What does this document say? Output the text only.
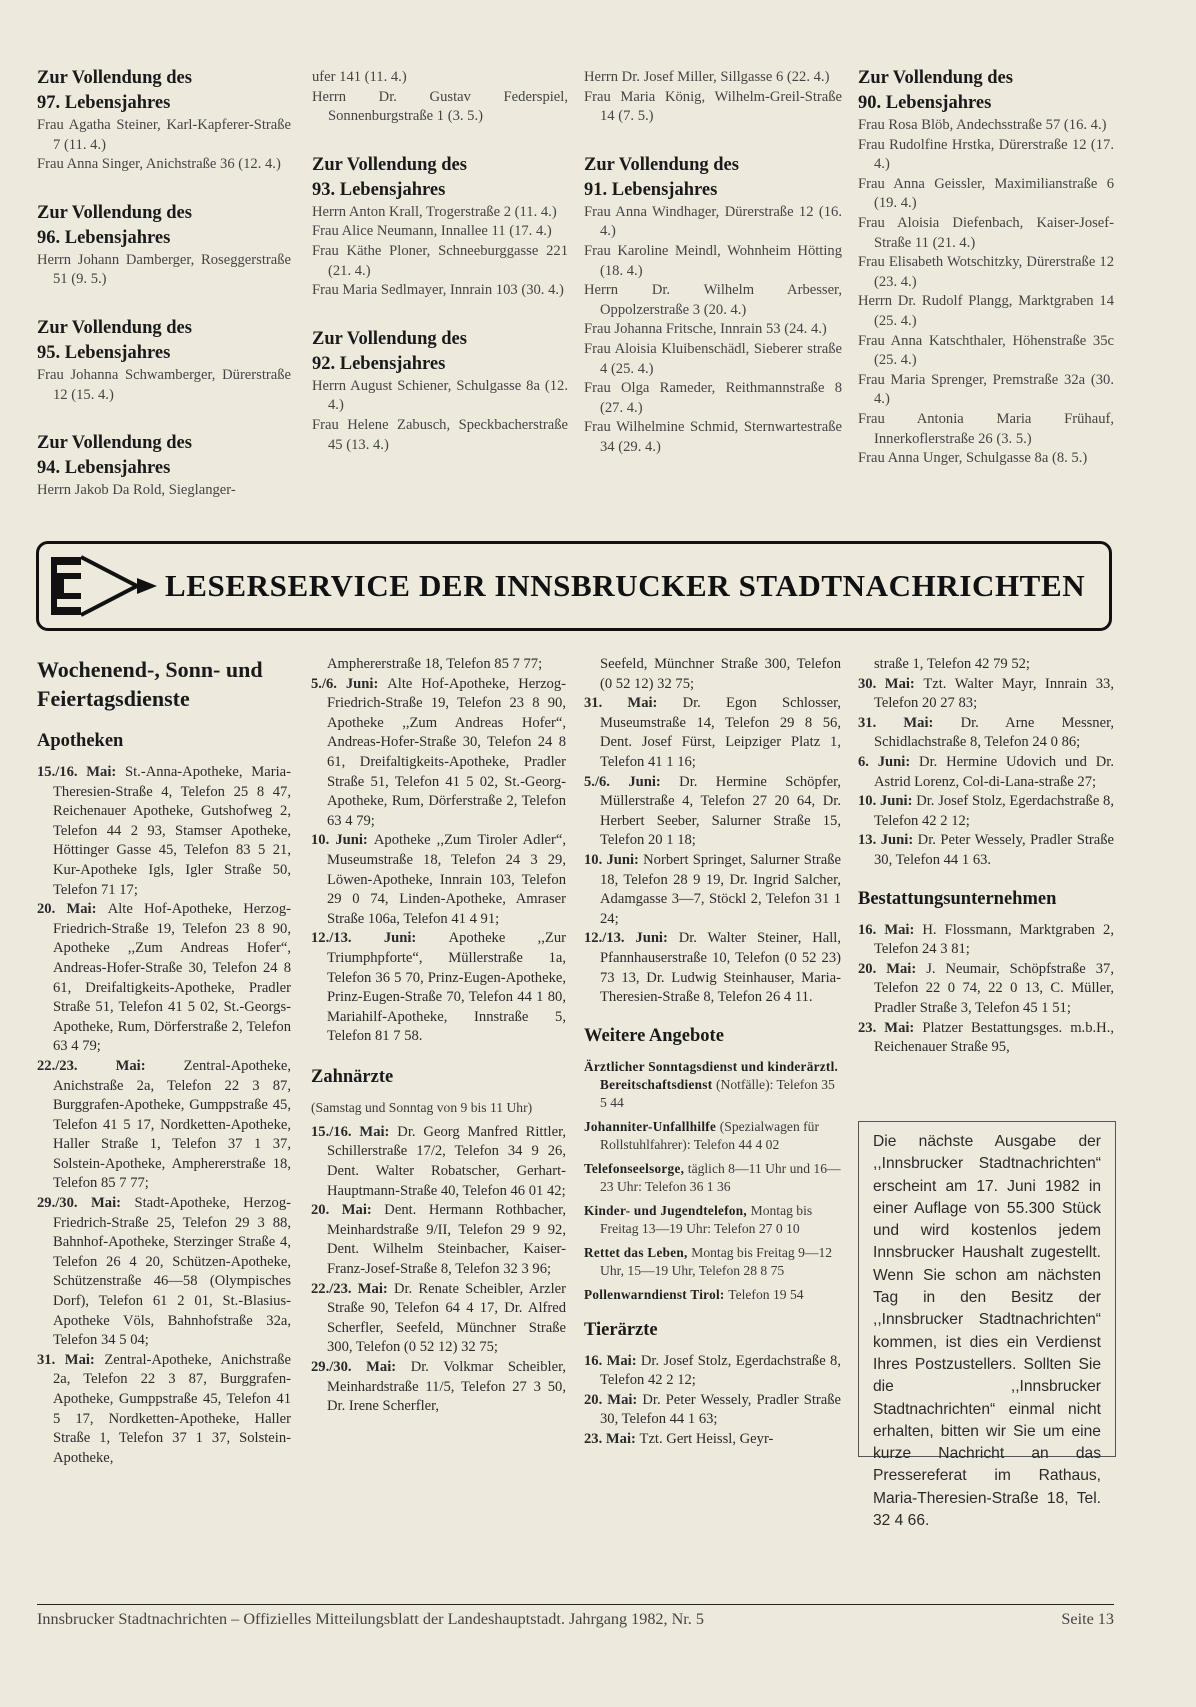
Zur Vollendung des
97. Lebensjahres
Frau Agatha Steiner, Karl-Kapferer-Straße 7 (11. 4.)
Frau Anna Singer, Anichstraße 36 (12. 4.)
Zur Vollendung des
96. Lebensjahres
Herrn Johann Damberger, Roseggerstraße 51 (9. 5.)
Zur Vollendung des
95. Lebensjahres
Frau Johanna Schwamberger, Dürerstraße 12 (15. 4.)
Zur Vollendung des
94. Lebensjahres
Herrn Jakob Da Rold, Sieglanger-
ufer 141 (11. 4.)
Herrn Dr. Gustav Federspiel, Sonnenburgstraße 1 (3. 5.)
Zur Vollendung des
93. Lebensjahres
Herrn Anton Krall, Trogerstraße 2 (11. 4.)
Frau Alice Neumann, Innallee 11 (17. 4.)
Frau Käthe Ploner, Schneeburggasse 221 (21. 4.)
Frau Maria Sedlmayer, Innrain 103 (30. 4.)
Zur Vollendung des
92. Lebensjahres
Herrn August Schiener, Schulgasse 8a (12. 4.)
Frau Helene Zabusch, Speckbacherstraße 45 (13. 4.)
Herrn Dr. Josef Miller, Sillgasse 6 (22. 4.)
Frau Maria König, Wilhelm-Greil-Straße 14 (7. 5.)
Zur Vollendung des
91. Lebensjahres
Frau Anna Windhager, Dürerstraße 12 (16. 4.)
Frau Karoline Meindl, Wohnheim Hötting (18. 4.)
Herrn Dr. Wilhelm Arbesser, Oppolzerstraße 3 (20. 4.)
Frau Johanna Fritsche, Innrain 53 (24. 4.)
Frau Aloisia Kluibenschädl, Sieberer straße 4 (25. 4.)
Frau Olga Rameder, Reithmannstraße 8 (27. 4.)
Frau Wilhelmine Schmid, Sternwartestraße 34 (29. 4.)
Zur Vollendung des
90. Lebensjahres
Frau Rosa Blöb, Andechsstraße 57 (16. 4.)
Frau Rudolfine Hrstka, Dürerstraße 12 (17. 4.)
Frau Anna Geissler, Maximilianstraße 6 (19. 4.)
Frau Aloisia Diefenbach, Kaiser-Josef-Straße 11 (21. 4.)
Frau Elisabeth Wotschitzky, Dürerstraße 12 (23. 4.)
Herrn Dr. Rudolf Plangg, Marktgraben 14 (25. 4.)
Frau Anna Katschthaler, Höhenstraße 35c (25. 4.)
Frau Maria Sprenger, Premstraße 32a (30. 4.)
Frau Antonia Maria Frühauf, Innerkoflerstraße 26 (3. 5.)
Frau Anna Unger, Schulgasse 8a (8. 5.)
LESERSERVICE DER INNSBRUCKER STADTNACHRICHTEN
Wochenend-, Sonn- und Feiertagsdienste
Apotheken
15./16. Mai: St.-Anna-Apotheke, Maria-Theresien-Straße 4, Telefon 25 8 47, Reichenauer Apotheke, Gutshofweg 2, Telefon 44 2 93, Stamser Apotheke, Höttinger Gasse 45, Telefon 83 5 21, Kur-Apotheke Igls, Igler Straße 50, Telefon 71 17;
20. Mai: Alte Hof-Apotheke, Herzog-Friedrich-Straße 19, Telefon 23 8 90, Apotheke ,,Zum Andreas Hofer“, Andreas-Hofer-Straße 30, Telefon 24 8 61, Dreifaltigkeits-Apotheke, Pradler Straße 51, Telefon 41 5 02, St.-Georgs-Apotheke, Rum, Dörferstraße 2, Telefon 63 4 79;
22./23. Mai: Zentral-Apotheke, Anichstraße 2a, Telefon 22 3 87, Burggrafen-Apotheke, Gumppstraße 45, Telefon 41 5 17, Nordketten-Apotheke, Haller Straße 1, Telefon 37 1 37, Solstein-Apotheke, Amphererstraße 18, Telefon 85 7 77;
29./30. Mai: Stadt-Apotheke, Herzog-Friedrich-Straße 25, Telefon 29 3 88, Bahnhof-Apotheke, Sterzinger Straße 4, Telefon 26 4 20, Schützen-Apotheke, Schützenstraße 46—58 (Olympisches Dorf), Telefon 61 2 01, St.-Blasius-Apotheke Völs, Bahnhofstraße 32a, Telefon 34 5 04;
31. Mai: Zentral-Apotheke, Anichstraße 2a, Telefon 22 3 87, Burggrafen-Apotheke, Gumppstraße 45, Telefon 41 5 17, Nordketten-Apotheke, Haller Straße 1, Telefon 37 1 37, Solstein-Apotheke,
Amphererstraße 18, Telefon 85 7 77;
5./6. Juni: Alte Hof-Apotheke, Herzog-Friedrich-Straße 19, Telefon 23 8 90, Apotheke ,,Zum Andreas Hofer“, Andreas-Hofer-Straße 30, Telefon 24 8 61, Dreifaltigkeits-Apotheke, Pradler Straße 51, Telefon 41 5 02, St.-Georg-Apotheke, Rum, Dörferstraße 2, Telefon 63 4 79;
10. Juni: Apotheke ,,Zum Tiroler Adler“, Museumstraße 18, Telefon 24 3 29, Löwen-Apotheke, Innrain 103, Telefon 29 0 74, Linden-Apotheke, Amraser Straße 106a, Telefon 41 4 91;
12./13. Juni: Apotheke ,,Zur Triumphpforte“, Müllerstraße 1a, Telefon 36 5 70, Prinz-Eugen-Apotheke, Prinz-Eugen-Straße 70, Telefon 44 1 80, Mariahilf-Apotheke, Innstraße 5, Telefon 81 7 58.
Zahnärzte
(Samstag und Sonntag von 9 bis 11 Uhr)
15./16. Mai: Dr. Georg Manfred Rittler, Schillerstraße 17/2, Telefon 34 9 26, Dent. Walter Robatscher, Gerhart-Hauptmann-Straße 40, Telefon 46 01 42;
20. Mai: Dent. Hermann Rothbacher, Meinhardstraße 9/II, Telefon 29 9 92, Dent. Wilhelm Steinbacher, Kaiser-Franz-Josef-Straße 8, Telefon 32 3 96;
22./23. Mai: Dr. Renate Scheibler, Arzler Straße 90, Telefon 64 4 17, Dr. Alfred Scherfler, Seefeld, Münchner Straße 300, Telefon (0 52 12) 32 75;
29./30. Mai: Dr. Volkmar Scheibler, Meinhardstraße 11/5, Telefon 27 3 50, Dr. Irene Scherfler,
Seefeld, Münchner Straße 300, Telefon (0 52 12) 32 75;
31. Mai: Dr. Egon Schlosser, Museumstraße 14, Telefon 29 8 56, Dent. Josef Fürst, Leipziger Platz 1, Telefon 41 1 16;
5./6. Juni: Dr. Hermine Schöpfer, Müllerstraße 4, Telefon 27 20 64, Dr. Herbert Seeber, Salurner Straße 15, Telefon 20 1 18;
10. Juni: Norbert Springet, Salurner Straße 18, Telefon 28 9 19, Dr. Ingrid Salcher, Adamgasse 3—7, Stöckl 2, Telefon 31 1 24;
12./13. Juni: Dr. Walter Steiner, Hall, Pfannhauserstraße 10, Telefon (0 52 23) 73 13, Dr. Ludwig Steinhauser, Maria-Theresien-Straße 8, Telefon 26 4 11.
Weitere Angebote
Ärztlicher Sonntagsdienst und kinderärztl. Bereitschaftsdienst (Notfälle): Telefon 35 5 44
Johanniter-Unfallhilfe (Spezialwagen für Rollstuhlfahrer): Telefon 44 4 02
Telefonseelsorge, täglich 8—11 Uhr und 16—23 Uhr: Telefon 36 1 36
Kinder- und Jugendtelefon, Montag bis Freitag 13—19 Uhr: Telefon 27 0 10
Rettet das Leben, Montag bis Freitag 9—12 Uhr, 15—19 Uhr, Telefon 28 8 75
Pollenwarndienst Tirol: Telefon 19 54
Tierärzte
16. Mai: Dr. Josef Stolz, Egerdachstraße 8, Telefon 42 2 12;
20. Mai: Dr. Peter Wessely, Pradler Straße 30, Telefon 44 1 63;
23. Mai: Tzt. Gert Heissl, Geyr-
straße 1, Telefon 42 79 52;
30. Mai: Tzt. Walter Mayr, Innrain 33, Telefon 20 27 83;
31. Mai: Dr. Arne Messner, Schidlachstraße 8, Telefon 24 0 86;
6. Juni: Dr. Hermine Udovich und Dr. Astrid Lorenz, Col-di-Lana-straße 27;
10. Juni: Dr. Josef Stolz, Egerdachstraße 8, Telefon 42 2 12;
13. Juni: Dr. Peter Wessely, Pradler Straße 30, Telefon 44 1 63.
Bestattungsunternehmen
16. Mai: H. Flossmann, Marktgraben 2, Telefon 24 3 81;
20. Mai: J. Neumair, Schöpfstraße 37, Telefon 22 0 74, 22 0 13, C. Müller, Pradler Straße 3, Telefon 45 1 51;
23. Mai: Platzer Bestattungsges. m.b.H., Reichenauer Straße 95,
Die nächste Ausgabe der ,,Innsbrucker Stadtnachrichten“ erscheint am 17. Juni 1982 in einer Auflage von 55.300 Stück und wird kostenlos jedem Innsbrucker Haushalt zugestellt. Wenn Sie schon am nächsten Tag in den Besitz der ,,Innsbrucker Stadtnachrichten“ kommen, ist dies ein Verdienst Ihres Postzustellers. Sollten Sie die ,,Innsbrucker Stadtnachrichten“ einmal nicht erhalten, bitten wir Sie um eine kurze Nachricht an das Pressereferat im Rathaus, Maria-Theresien-Straße 18, Tel. 32 4 66.
Innsbrucker Stadtnachrichten – Offizielles Mitteilungsblatt der Landeshauptstadt. Jahrgang 1982, Nr. 5	Seite 13
